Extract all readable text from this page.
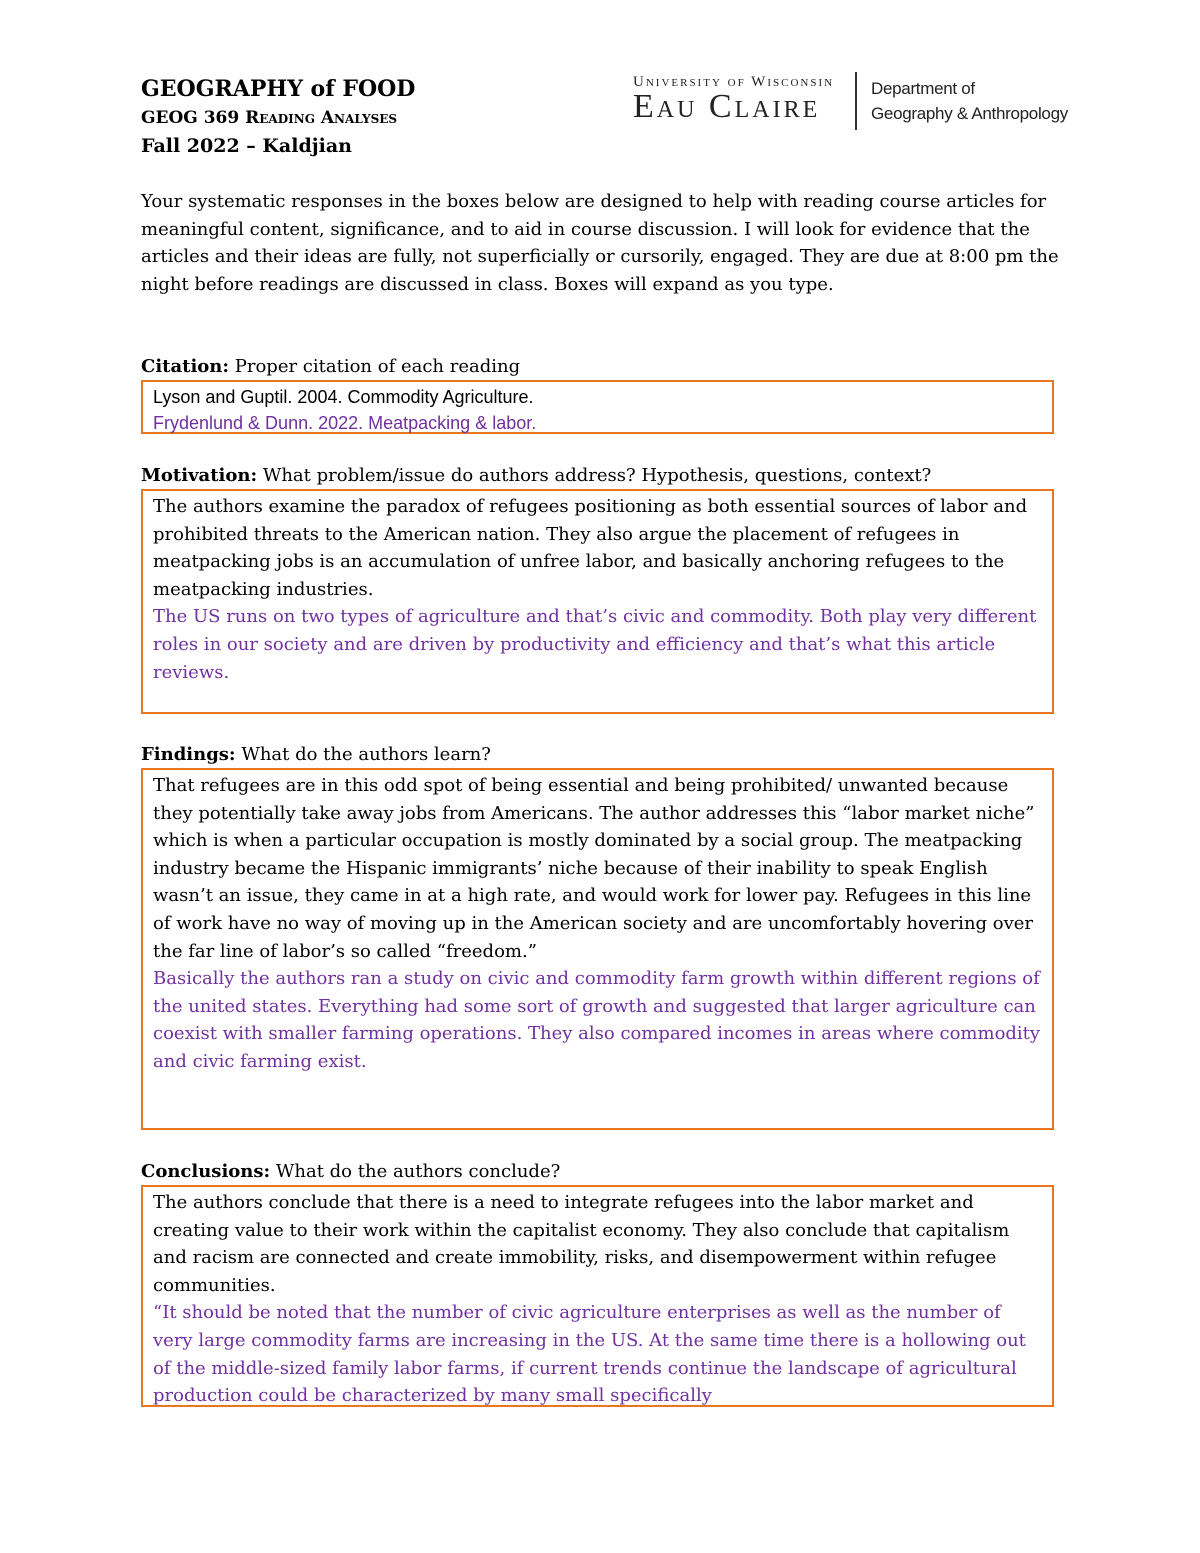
GEOGRAPHY of FOOD
GEOG 369 Reading Analyses
Fall 2022 – Kaldjian
University of Wisconsin
Eau Claire	Department of
Geography & Anthropology
Your systematic responses in the boxes below are designed to help with reading course articles for meaningful content, significance, and to aid in course discussion. I will look for evidence that the articles and their ideas are fully, not superficially or cursorily, engaged. They are due at 8:00 pm the night before readings are discussed in class. Boxes will expand as you type.
Citation: Proper citation of each reading

Lyson and Guptil. 2004. Commodity Agriculture.

Frydenlund & Dunn. 2022. Meatpacking & labor.

Motivation: What problem/issue do authors address? Hypothesis, questions, context?

The authors examine the paradox of refugees positioning as both essential sources of labor and prohibited threats to the American nation. They also argue the placement of refugees in meatpacking jobs is an accumulation of unfree labor, and basically anchoring refugees to the meatpacking industries.

The US runs on two types of agriculture and that’s civic and commodity. Both play very different roles in our society and are driven by productivity and efficiency and that’s what this article reviews.

Findings: What do the authors learn?

That refugees are in this odd spot of being essential and being prohibited/ unwanted because they potentially take away jobs from Americans. The author addresses this “labor market niche” which is when a particular occupation is mostly dominated by a social group. The meatpacking industry became the Hispanic immigrants’ niche because of their inability to speak English wasn’t an issue, they came in at a high rate, and would work for lower pay. Refugees in this line of work have no way of moving up in the American society and are uncomfortably hovering over the far line of labor’s so called “freedom.”

Basically the authors ran a study on civic and commodity farm growth within different regions of the united states. Everything had some sort of growth and suggested that larger agriculture can coexist with smaller farming operations. They also compared incomes in areas where commodity and civic farming exist.

Conclusions: What do the authors conclude?

The authors conclude that there is a need to integrate refugees into the labor market and creating value to their work within the capitalist economy. They also conclude that capitalism and racism are connected and create immobility, risks, and disempowerment within refugee communities.

“It should be noted that the number of civic agriculture enterprises as well as the number of very large commodity farms are increasing in the US. At the same time there is a hollowing out of the middle-sized family labor farms, if current trends continue the landscape of agricultural production could be characterized by many small specifically
